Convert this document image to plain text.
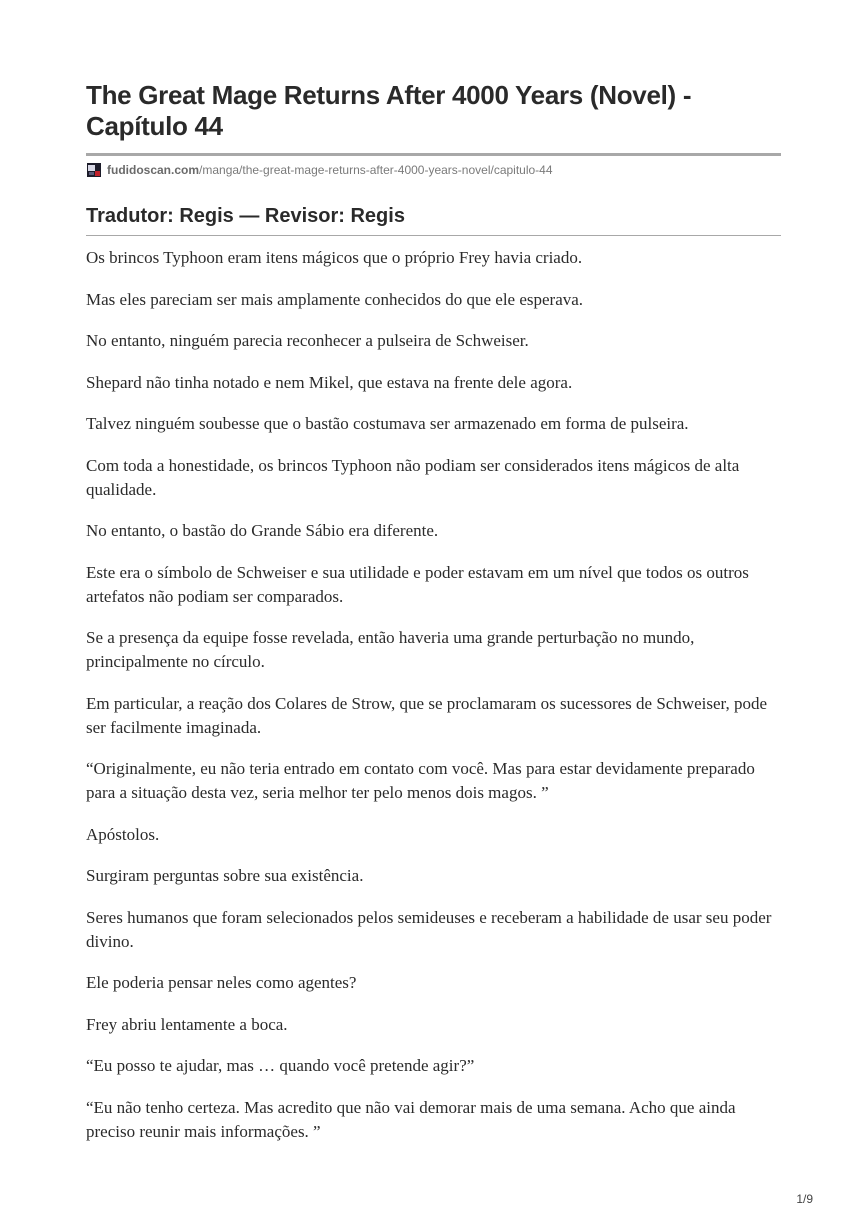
The Great Mage Returns After 4000 Years (Novel) - Capítulo 44
fudidoscan.com /manga/the-great-mage-returns-after-4000-years-novel/capitulo-44
Tradutor: Regis — Revisor: Regis

Os brincos Typhoon eram itens mágicos que o próprio Frey havia criado.

Mas eles pareciam ser mais amplamente conhecidos do que ele esperava.

No entanto, ninguém parecia reconhecer a pulseira de Schweiser.

Shepard não tinha notado e nem Mikel, que estava na frente dele agora.

Talvez ninguém soubesse que o bastão costumava ser armazenado em forma de pulseira.

Com toda a honestidade, os brincos Typhoon não podiam ser considerados itens mágicos de alta qualidade.

No entanto, o bastão do Grande Sábio era diferente.

Este era o símbolo de Schweiser e sua utilidade e poder estavam em um nível que todos os outros artefatos não podiam ser comparados.

Se a presença da equipe fosse revelada, então haveria uma grande perturbação no mundo, principalmente no círculo.

Em particular, a reação dos Colares de Strow, que se proclamaram os sucessores de Schweiser, pode ser facilmente imaginada.

“Originalmente, eu não teria entrado em contato com você. Mas para estar devidamente preparado para a situação desta vez, seria melhor ter pelo menos dois magos. ”

Apóstolos.

Surgiram perguntas sobre sua existência.

Seres humanos que foram selecionados pelos semideuses e receberam a habilidade de usar seu poder divino.

Ele poderia pensar neles como agentes?

Frey abriu lentamente a boca.

“Eu posso te ajudar, mas … quando você pretende agir?”

“Eu não tenho certeza. Mas acredito que não vai demorar mais de uma semana. Acho que ainda preciso reunir mais informações. ”

1/9
